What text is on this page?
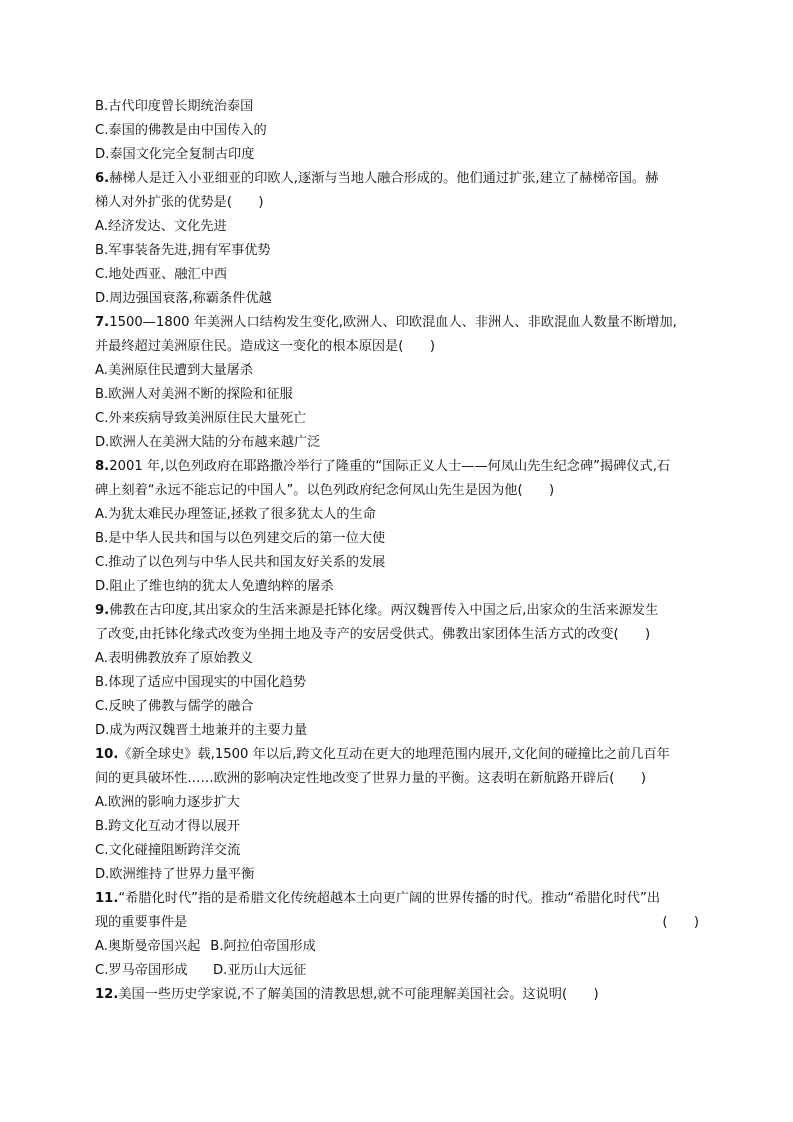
B.古代印度曾长期统治泰国
C.泰国的佛教是由中国传入的
D.泰国文化完全复制古印度
6.赫梯人是迁入小亚细亚的印欧人,逐渐与当地人融合形成的。他们通过扩张,建立了赫梯帝国。赫
梯人对外扩张的优势是(　　)
A.经济发达、文化先进
B.军事装备先进,拥有军事优势
C.地处西亚、融汇中西
D.周边强国衰落,称霸条件优越
7.1500—1800 年美洲人口结构发生变化,欧洲人、印欧混血人、非洲人、非欧混血人数量不断增加,
并最终超过美洲原住民。造成这一变化的根本原因是(　　)
A.美洲原住民遭到大量屠杀
B.欧洲人对美洲不断的探险和征服
C.外来疾病导致美洲原住民大量死亡
D.欧洲人在美洲大陆的分布越来越广泛
8.2001 年,以色列政府在耶路撒冷举行了隆重的“国际正义人士——何凤山先生纪念碑”揭碑仪式,石
碑上刻着“永远不能忘记的中国人”。以色列政府纪念何凤山先生是因为他(　　)
A.为犹太难民办理签证,拯救了很多犹太人的生命
B.是中华人民共和国与以色列建交后的第一位大使
C.推动了以色列与中华人民共和国友好关系的发展
D.阻止了维也纳的犹太人免遭纳粹的屠杀
9.佛教在古印度,其出家众的生活来源是托钵化缘。两汉魏晋传入中国之后,出家众的生活来源发生
了改变,由托钵化缘式改变为坐拥土地及寺产的安居受供式。佛教出家团体生活方式的改变(　　)
A.表明佛教放弃了原始教义
B.体现了适应中国现实的中国化趋势
C.反映了佛教与儒学的融合
D.成为两汉魏晋土地兼并的主要力量
10.《新全球史》载,1500 年以后,跨文化互动在更大的地理范围内展开,文化间的碰撞比之前几百年
间的更具破坏性……欧洲的影响决定性地改变了世界力量的平衡。这表明在新航路开辟后(　　)
A.欧洲的影响力逐步扩大
B.跨文化互动才得以展开
C.文化碰撞阻断跨洋交流
D.欧洲维持了世界力量平衡
11.“希腊化时代”指的是希腊文化传统超越本土向更广阔的世界传播的时代。推动“希腊化时代”出
现的重要事件是	(　　)
A.奥斯曼帝国兴起 B.阿拉伯帝国形成
C.罗马帝国形成 D.亚历山大远征
12.美国一些历史学家说,不了解美国的清教思想,就不可能理解美国社会。这说明(　　)
